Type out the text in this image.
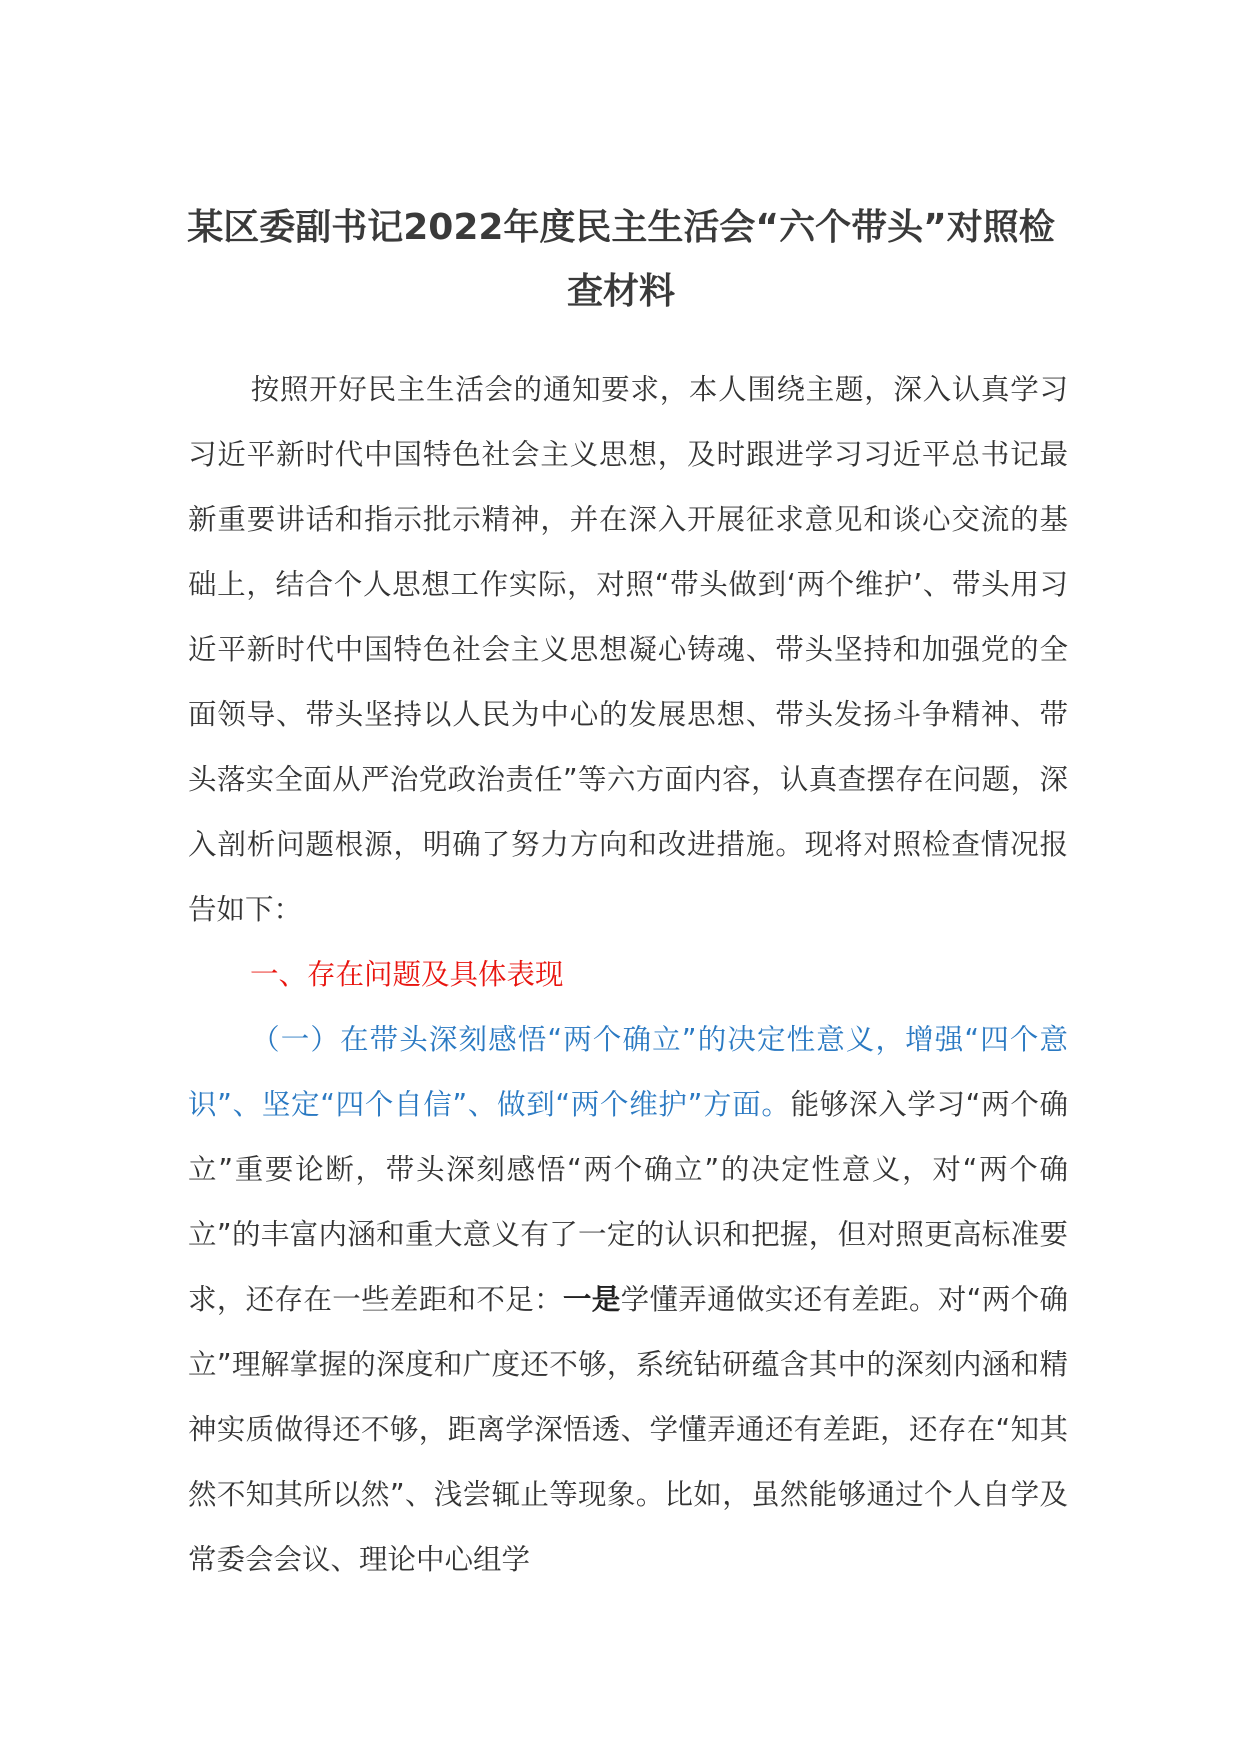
某区委副书记2022年度民主生活会“六个带头”对照检
查材料
按照开好民主生活会的通知要求，本人围绕主题，深入认真学习习近平新时代中国特色社会主义思想，及时跟进学习习近平总书记最新重要讲话和指示批示精神，并在深入开展征求意见和谈心交流的基础上，结合个人思想工作实际，对照“带头做到‘两个维护’、带头用习近平新时代中国特色社会主义思想凝心铸魂、带头坚持和加强党的全面领导、带头坚持以人民为中心的发展思想、带头发扬斗争精神、带头落实全面从严治党政治责任”等六方面内容，认真查摆存在问题，深入剖析问题根源，明确了努力方向和改进措施。现将对照检查情况报告如下：
一、存在问题及具体表现
（一）在带头深刻感悟“两个确立”的决定性意义，增强“四个意识”、坚定“四个自信”、做到“两个维护”方面。能够深入学习“两个确立”重要论断，带头深刻感悟“两个确立”的决定性意义，对“两个确立”的丰富内涵和重大意义有了一定的认识和把握，但对照更高标准要求，还存在一些差距和不足：一是学懂弄通做实还有差距。对“两个确立”理解掌握的深度和广度还不够，系统钻研蕴含其中的深刻内涵和精神实质做得还不够，距离学深悟透、学懂弄通还有差距，还存在“知其然不知其所以然”、浅尝辄止等现象。比如，虽然能够通过个人自学及常委会会议、理论中心组学
